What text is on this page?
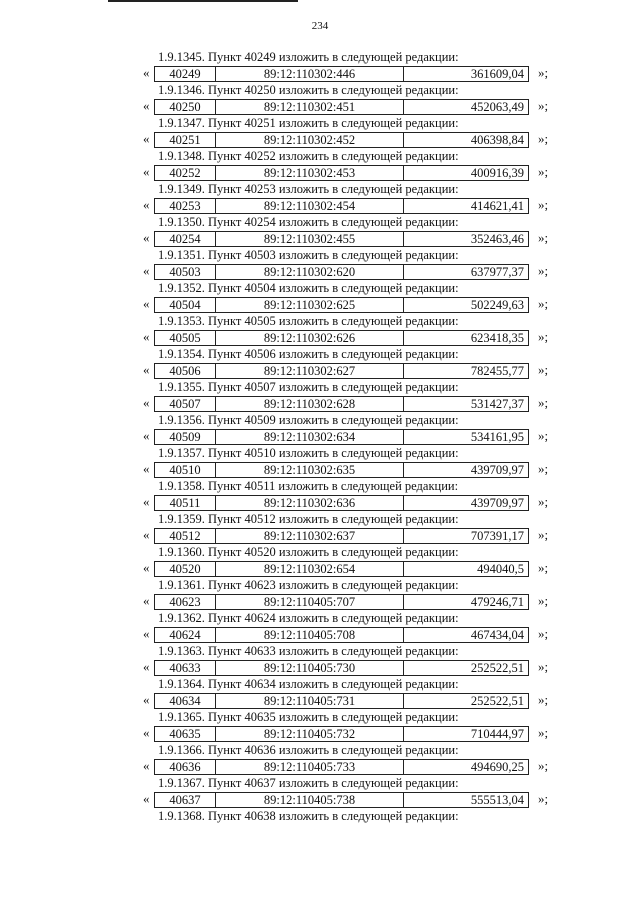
234
1.9.1345. Пункт 40249 изложить в следующей редакции:
« 40249	89:12:110302:446	361609,04 »;
1.9.1346. Пункт 40250 изложить в следующей редакции:
« 40250	89:12:110302:451	452063,49 »;
1.9.1347. Пункт 40251 изложить в следующей редакции:
« 40251	89:12:110302:452	406398,84 »;
1.9.1348. Пункт 40252 изложить в следующей редакции:
« 40252	89:12:110302:453	400916,39 »;
1.9.1349. Пункт 40253 изложить в следующей редакции:
« 40253	89:12:110302:454	414621,41 »;
1.9.1350. Пункт 40254 изложить в следующей редакции:
« 40254	89:12:110302:455	352463,46 »;
1.9.1351. Пункт 40503 изложить в следующей редакции:
« 40503	89:12:110302:620	637977,37 »;
1.9.1352. Пункт 40504 изложить в следующей редакции:
« 40504	89:12:110302:625	502249,63 »;
1.9.1353. Пункт 40505 изложить в следующей редакции:
« 40505	89:12:110302:626	623418,35 »;
1.9.1354. Пункт 40506 изложить в следующей редакции:
« 40506	89:12:110302:627	782455,77 »;
1.9.1355. Пункт 40507 изложить в следующей редакции:
« 40507	89:12:110302:628	531427,37 »;
1.9.1356. Пункт 40509 изложить в следующей редакции:
« 40509	89:12:110302:634	534161,95 »;
1.9.1357. Пункт 40510 изложить в следующей редакции:
« 40510	89:12:110302:635	439709,97 »;
1.9.1358. Пункт 40511 изложить в следующей редакции:
« 40511	89:12:110302:636	439709,97 »;
1.9.1359. Пункт 40512 изложить в следующей редакции:
« 40512	89:12:110302:637	707391,17 »;
1.9.1360. Пункт 40520 изложить в следующей редакции:
« 40520	89:12:110302:654	494040,5 »;
1.9.1361. Пункт 40623 изложить в следующей редакции:
« 40623	89:12:110405:707	479246,71 »;
1.9.1362. Пункт 40624 изложить в следующей редакции:
« 40624	89:12:110405:708	467434,04 »;
1.9.1363. Пункт 40633 изложить в следующей редакции:
« 40633	89:12:110405:730	252522,51 »;
1.9.1364. Пункт 40634 изложить в следующей редакции:
« 40634	89:12:110405:731	252522,51 »;
1.9.1365. Пункт 40635 изложить в следующей редакции:
« 40635	89:12:110405:732	710444,97 »;
1.9.1366. Пункт 40636 изложить в следующей редакции:
« 40636	89:12:110405:733	494690,25 »;
1.9.1367. Пункт 40637 изложить в следующей редакции:
« 40637	89:12:110405:738	555513,04 »;
1.9.1368. Пункт 40638 изложить в следующей редакции:
